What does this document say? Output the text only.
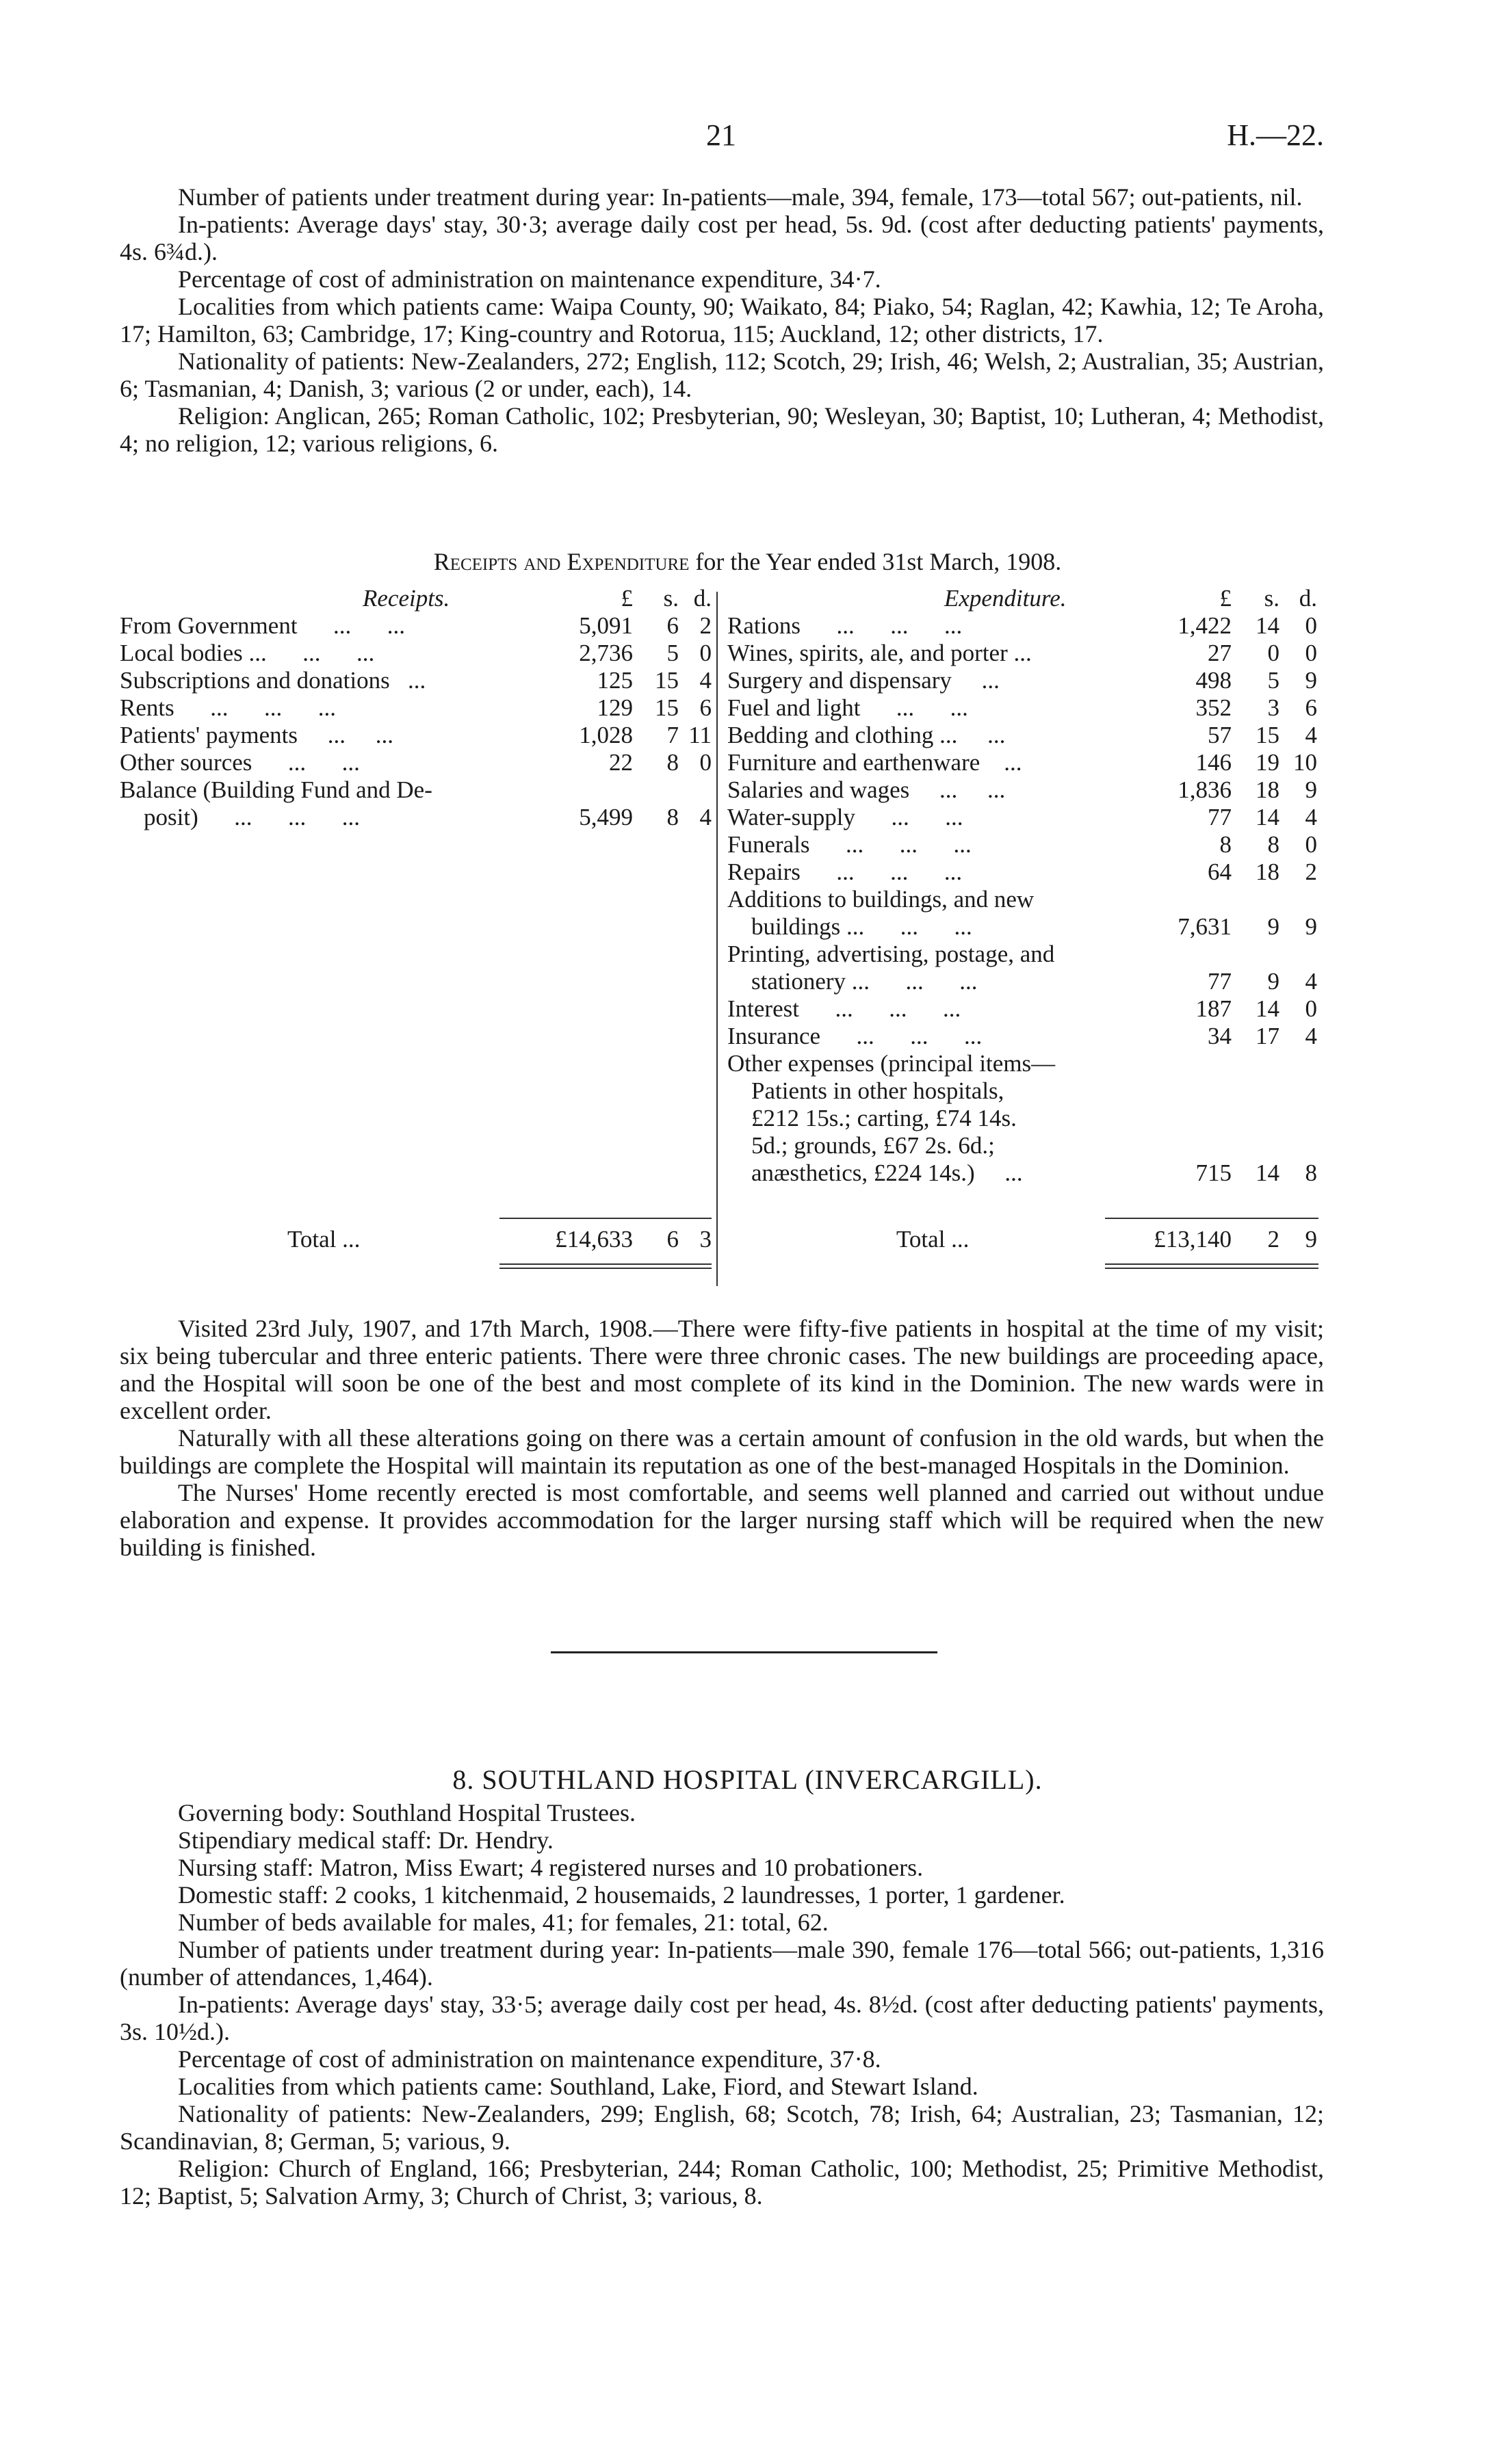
21	H.—22.

Number of patients under treatment during year: In-patients—male, 394, female, 173—total 567; out-patients, nil.

In-patients: Average days' stay, 30·3; average daily cost per head, 5s. 9d. (cost after deducting patients' payments, 4s. 6¾d.).

Percentage of cost of administration on maintenance expenditure, 34·7.

Localities from which patients came: Waipa County, 90; Waikato, 84; Piako, 54; Raglan, 42; Kawhia, 12; Te Aroha, 17; Hamilton, 63; Cambridge, 17; King-country and Rotorua, 115; Auckland, 12; other districts, 17.

Nationality of patients: New-Zealanders, 272; English, 112; Scotch, 29; Irish, 46; Welsh, 2; Australian, 35; Austrian, 6; Tasmanian, 4; Danish, 3; various (2 or under, each), 14.

Religion: Anglican, 265; Roman Catholic, 102; Presbyterian, 90; Wesleyan, 30; Baptist, 10; Lutheran, 4; Methodist, 4; no religion, 12; various religions, 6.

Receipts and Expenditure for the Year ended 31st March, 1908.
Receipts.	Expenditure.
£	s. d.	£	s. d.
From Government      ...      ...	5,091	6 2
Local bodies ...      ...      ...	2,736	5 0
Subscriptions and donations   ...	125 15 4
Rents      ...      ...      ...	129 15 6
Patients' payments     ...     ...	1,028	7 11
Other sources      ...      ...	22	8 0
Balance (Building Fund and De-
posit)      ...      ...      ...	5,499	8 4
Rations      ...      ...      ...	1,422	14	0
Wines, spirits, ale, and porter ...	27	0	0
Surgery and dispensary     ...	498	5	9
Fuel and light      ...      ...	352	3	6
Bedding and clothing ...     ...	57	15	4
Furniture and earthenware    ...	146	19 10
Salaries and wages     ...     ...	1,836	18	9
Water-supply      ...      ...	77	14	4
Funerals      ...      ...      ...	8	8	0
Repairs      ...      ...      ...	64	18	2
Additions to buildings, and new
buildings ...      ...      ...	7,631	9	9
Printing, advertising, postage, and
stationery ...      ...      ...	77	9	4
Interest      ...      ...      ...	187	14	0
Insurance      ...      ...      ...	34	17	4
Other expenses (principal items—
Patients in other hospitals,
£212 15s.; carting, £74 14s.
5d.; grounds, £67 2s. 6d.;
anæsthetics, £224 14s.)     ...	715	14	8
Total ...	£14,633	6 3	Total ...	£13,140	2	9

Visited 23rd July, 1907, and 17th March, 1908.—There were fifty-five patients in hospital at the time of my visit; six being tubercular and three enteric patients. There were three chronic cases. The new buildings are proceeding apace, and the Hospital will soon be one of the best and most complete of its kind in the Dominion. The new wards were in excellent order.

Naturally with all these alterations going on there was a certain amount of confusion in the old wards, but when the buildings are complete the Hospital will maintain its reputation as one of the best-managed Hospitals in the Dominion.

The Nurses' Home recently erected is most comfortable, and seems well planned and carried out without undue elaboration and expense. It provides accommodation for the larger nursing staff which will be required when the new building is finished.

8. SOUTHLAND HOSPITAL (INVERCARGILL).

Governing body: Southland Hospital Trustees.

Stipendiary medical staff: Dr. Hendry.

Nursing staff: Matron, Miss Ewart; 4 registered nurses and 10 probationers.

Domestic staff: 2 cooks, 1 kitchenmaid, 2 housemaids, 2 laundresses, 1 porter, 1 gardener.

Number of beds available for males, 41; for females, 21: total, 62.

Number of patients under treatment during year: In-patients—male 390, female 176—total 566; out-patients, 1,316 (number of attendances, 1,464).

In-patients: Average days' stay, 33·5; average daily cost per head, 4s. 8½d. (cost after deducting patients' payments, 3s. 10½d.).

Percentage of cost of administration on maintenance expenditure, 37·8.

Localities from which patients came: Southland, Lake, Fiord, and Stewart Island.

Nationality of patients: New-Zealanders, 299; English, 68; Scotch, 78; Irish, 64; Australian, 23; Tasmanian, 12; Scandinavian, 8; German, 5; various, 9.

Religion: Church of England, 166; Presbyterian, 244; Roman Catholic, 100; Methodist, 25; Primitive Methodist, 12; Baptist, 5; Salvation Army, 3; Church of Christ, 3; various, 8.
